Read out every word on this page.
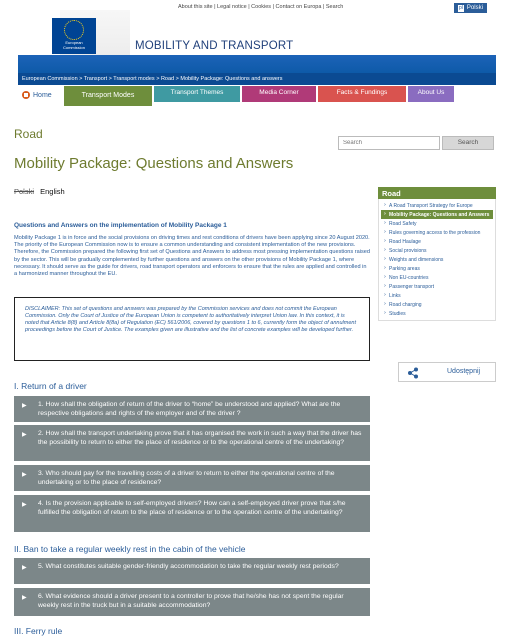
About this site | Legal notice | Cookies | Contact on Europa | Search	pl Polski
European Commission	MOBILITY AND TRANSPORT
European Commission > Transport > Transport modes > Road > Mobility Package: Questions and answers
Home	Transport Modes	Transport Themes	Media Corner	Facts & Fundings	About Us
Road
Mobility Package: Questions and Answers
Search
Search
Polski English	Road
› A Road Transport Strategy for Europe
› Mobility Package: Questions and Answers
› Road Safety
› Rules governing access to the profession
› Road Haulage
› Social provisions
› Weights and dimensions
› Parking areas
› Non EU-countries
› Passenger transport
› Links
› Road charging
› Studies
Udostępnij
Questions and Answers on the implementation of Mobility Package 1
Mobility Package 1 is in force and the social provisions on driving times and rest conditions of drivers have been applying since 20 August 2020. The priority of the European Commission now is to ensure a common understanding and consistent implementation of the new provisions. Therefore, the Commission prepared the following first set of Questions and Answers to address most pressing implementation questions raised by the sector. This will be gradually complemented by further questions and answers on the other provisions of Mobility Package 1, where necessary. It should serve as the guide for drivers, road transport operators and enforcers to ensure that the rules are applied and controlled in a harmonized manner throughout the EU.
DISCLAIMER: This set of questions and answers was prepared by the Commission services and does not commit the European Commission. Only the Court of Justice of the European Union is competent to authoritatively interpret Union law. In this context, it is noted that Article 8(8) and Article 8(8a) of Regulation (EC) 561/2006, covered by questions 1 to 6, currently form the object of annulment proceedings before the Court of Justice. The examples given are illustrative and the list of concrete examples will be developed further.
I. Return of a driver
▶ 1. How shall the obligation of return of the driver to “home” be understood and applied? What are the respective obligations and rights of the employer and of the driver ?
▶ 2. How shall the transport undertaking prove that it has organised the work in such a way that the driver has the possibility to return to either the place of residence or to the operational centre of the undertaking?
▶ 3. Who should pay for the travelling costs of a driver to return to either the operational centre of the undertaking or to the place of residence?
▶ 4. Is the provision applicable to self-employed drivers? How can a self-employed driver prove that s/he fulfilled the obligation of return to the place of residence or to the operation centre of the undertaking?
II. Ban to take a regular weekly rest in the cabin of the vehicle
▶ 5. What constitutes suitable gender-friendly accommodation to take the regular weekly rest periods?
▶ 6. What evidence should a driver present to a controller to prove that he/she has not spent the regular weekly rest in the truck but in a suitable accommodation?
III. Ferry rule
